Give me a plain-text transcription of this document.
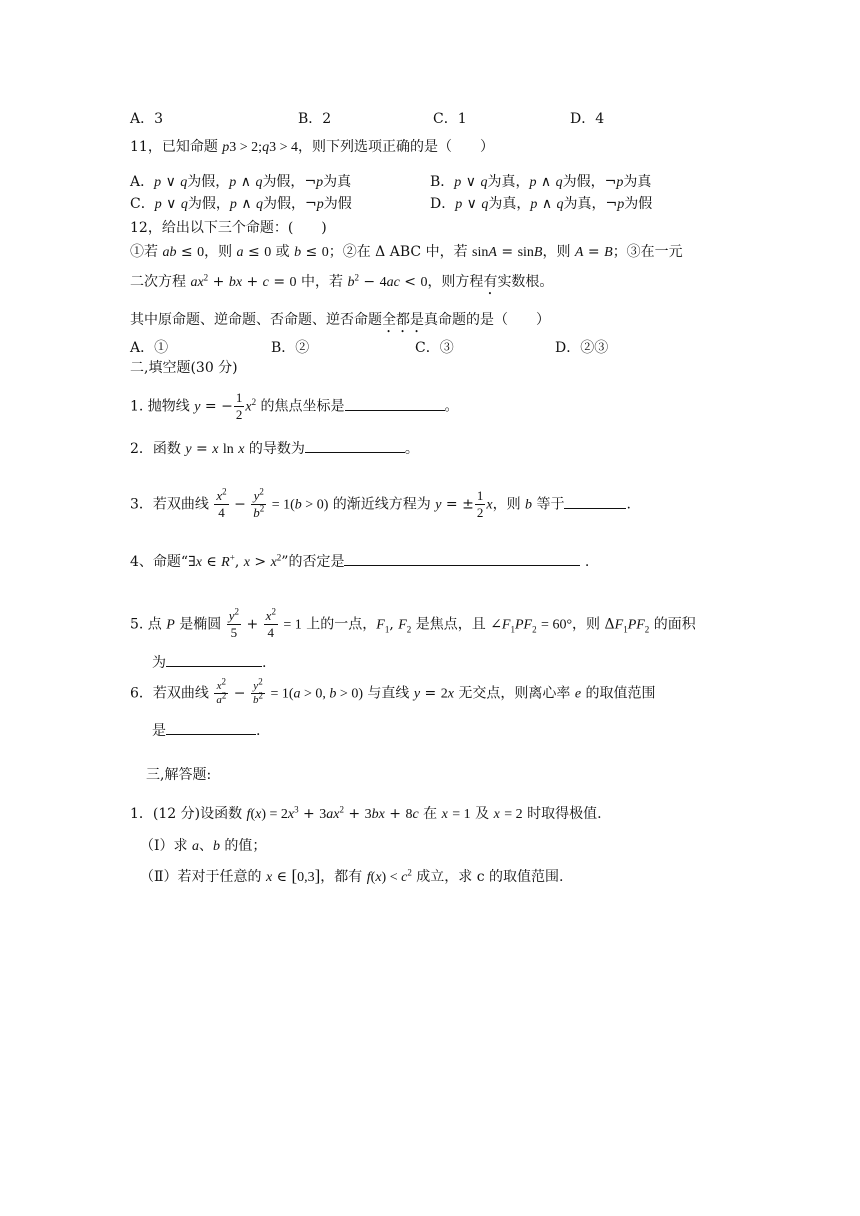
A．3	B．2	C．1	D．4
11，已知命题 p3 > 2;q3 > 4，则下列选项正确的是（　　）
A．p ∨ q为假，p ∧ q为假，¬p为真	B．p ∨ q为真，p ∧ q为假，¬p为真
C．p ∨ q为假，p ∧ q为假，¬p为假	D．p ∨ q为真，p ∧ q为真，¬p为假
12，给出以下三个命题：(　　)
①若 ab ≤ 0，则 a ≤ 0 或 b ≤ 0；②在 Δ ABC 中，若 sinA = sinB，则 A = B；③在一元
二次方程 $ax^2$ + bx + c = 0 中，若 $b^2 - 4ac < 0$，则方程有实数根。
其中原命题、逆命题、否命题、逆否命题全都是真命题的是（　　）
A．①	B．②	C．③	D．②③
二,填空题(30 分)
1. 抛物线 y = − $\frac{1}{2} x^2$ 的焦点坐标是	。
2．函数 y = x ln x 的导数为	。
3．若双曲线 $\frac{x^2}{4} - \frac{y^2}{b^2} = 1(b > 0)$ 的渐近线方程为 y = ± $\frac{1}{2}$ x，则 b 等于	.
4、命题“∃x ∈ R+, $x > x^2$”的否定是	.
5. 点 P 是椭圆 $\frac{y^2}{5} + \frac{x^2}{4} = 1$ 上的一点，$F_1$, $F_2$ 是焦点，且 $\angle F_1PF_2 = 60^\circ$，则 $\Delta F_1PF_2$ 的面积
为	.
6．若双曲线 $\frac{x^2}{a^2} - \frac{y^2}{b^2} = 1(a > 0$, b > 0) 与直线 y = 2x 无交点，则离心率 e 的取值范围
是	.
三,解答题:
1．(12 分)设函数 $f(x) = 2x^3 + 3ax^2 + 3bx + 8c$ 在 x = 1 及 x = 2 时取得极值.
（Ⅰ）求 a、b 的值；
（Ⅱ）若对于任意的 x ∈ [0,3]，都有 $f(x) < c^2$ 成立，求 c 的取值范围.
